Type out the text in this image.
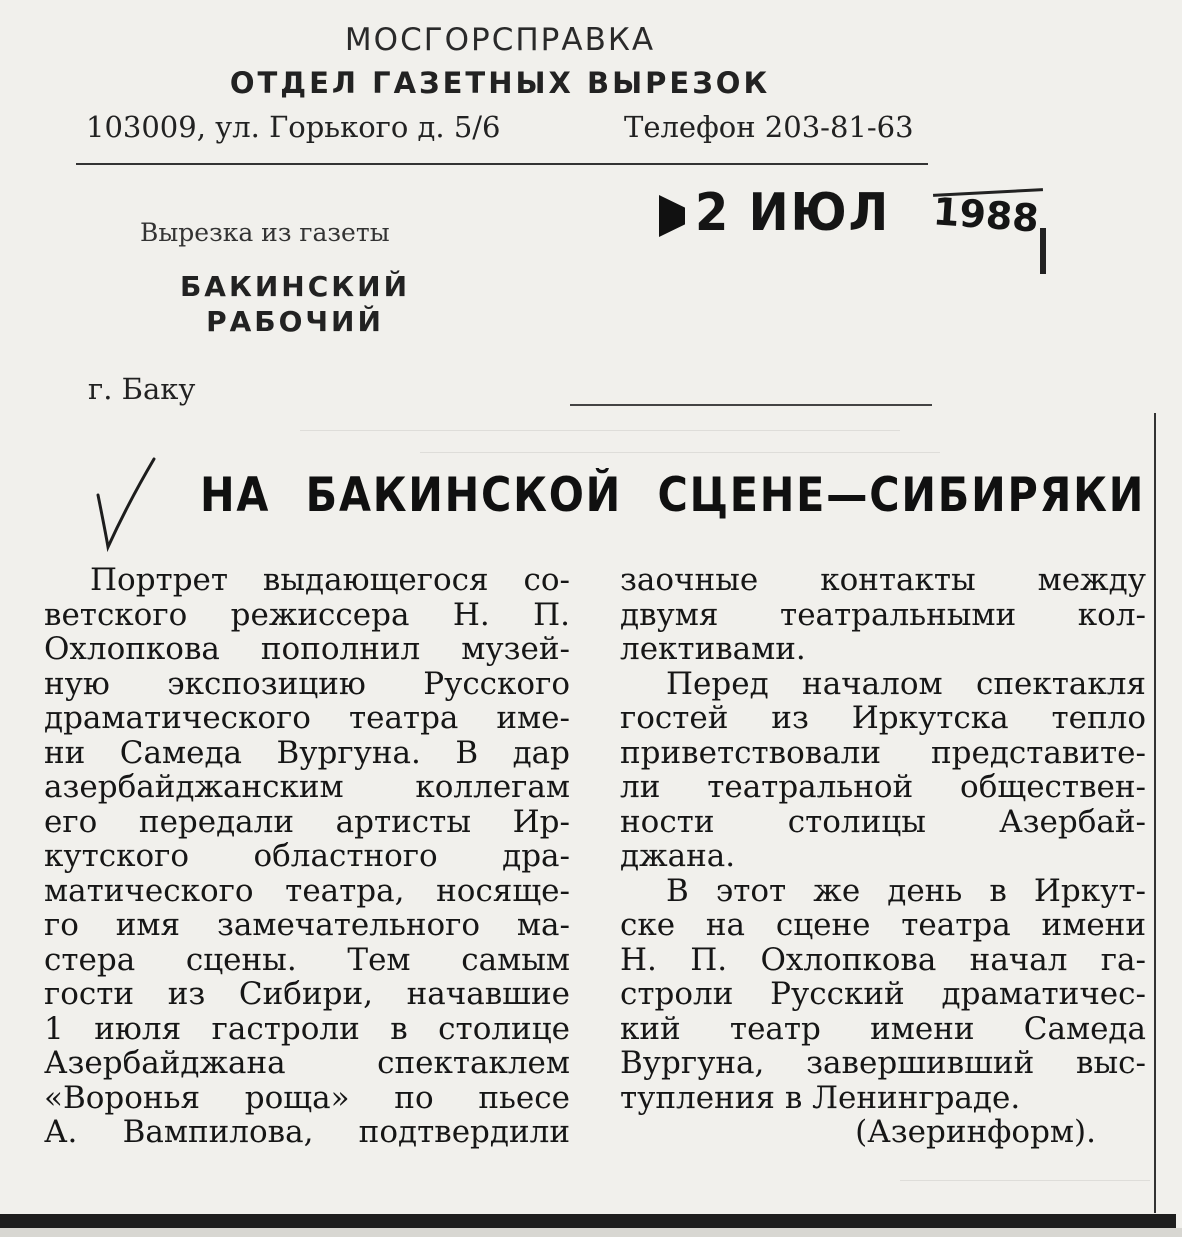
МОСГОРСПРАВКА
ОТДЕЛ ГАЗЕТНЫХ ВЫРЕЗОК
103009, ул. Горького д. 5/6	Телефон 203-81-63
Вырезка из газеты
БАКИНСКИЙ
РАБОЧИЙ
г. Баку
2 ИЮЛ 1988
НА БАКИНСКОЙ СЦЕНЕ—СИБИРЯКИ
Портрет выдающегося со-
ветского режиссера Н. П.
Охлопкова пополнил музей-
ную экспозицию Русского
драматического театра име-
ни Самеда Вургуна. В дар
азербайджанским коллегам
его передали артисты Ир-
кутского областного дра-
матического театра, носяще-
го имя замечательного ма-
стера сцены. Тем самым
гости из Сибири, начавшие
1 июля гастроли в столице
Азербайджана спектаклем
«Воронья роща» по пьесе
А. Вампилова, подтвердили
заочные контакты между
двумя театральными кол-
лективами.
Перед началом спектакля
гостей из Иркутска тепло
приветствовали представите-
ли театральной обществен-
ности столицы Азербай-
джана.
В этот же день в Иркут-
ске на сцене театра имени
Н. П. Охлопкова начал га-
строли Русский драматичес-
кий театр имени Самеда
Вургуна, завершивший выс-
тупления в Ленинграде.
(Азеринформ).
